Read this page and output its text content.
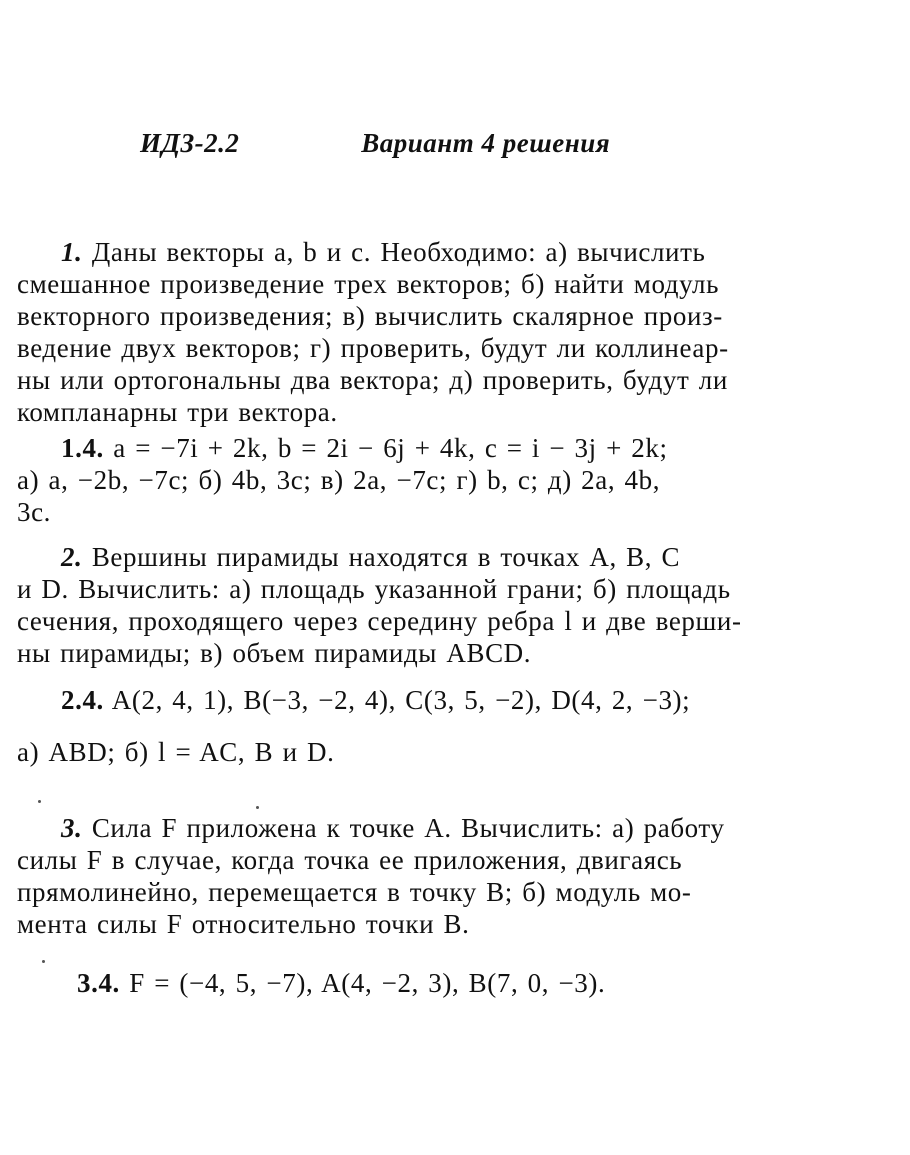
ИДЗ-2.2	Вариант 4 решения
1. Даны векторы a, b и c. Необходимо: а) вычислить
смешанное произведение трех векторов; б) найти модуль
векторного произведения; в) вычислить скалярное произ-
ведение двух векторов; г) проверить, будут ли коллинеар-
ны или ортогональны два вектора; д) проверить, будут ли
компланарны три вектора.
1.4. a = −7i + 2k, b = 2i − 6j + 4k, c = i − 3j + 2k;
а) a, −2b, −7c; б) 4b, 3c; в) 2a, −7c; г) b, c; д) 2a, 4b,
3c.
2. Вершины пирамиды находятся в точках A, B, C
и D. Вычислить: а) площадь указанной грани; б) площадь
сечения, проходящего через середину ребра l и две верши-
ны пирамиды; в) объем пирамиды ABCD.
2.4. A(2, 4, 1), B(−3, −2, 4), C(3, 5, −2), D(4, 2, −3);
а) ABD; б) l = AC, B и D.
3. Сила F приложена к точке A. Вычислить: а) работу
силы F в случае, когда точка ее приложения, двигаясь
прямолинейно, перемещается в точку B; б) модуль мо-
мента силы F относительно точки B.
3.4. F = (−4, 5, −7), A(4, −2, 3), B(7, 0, −3).
